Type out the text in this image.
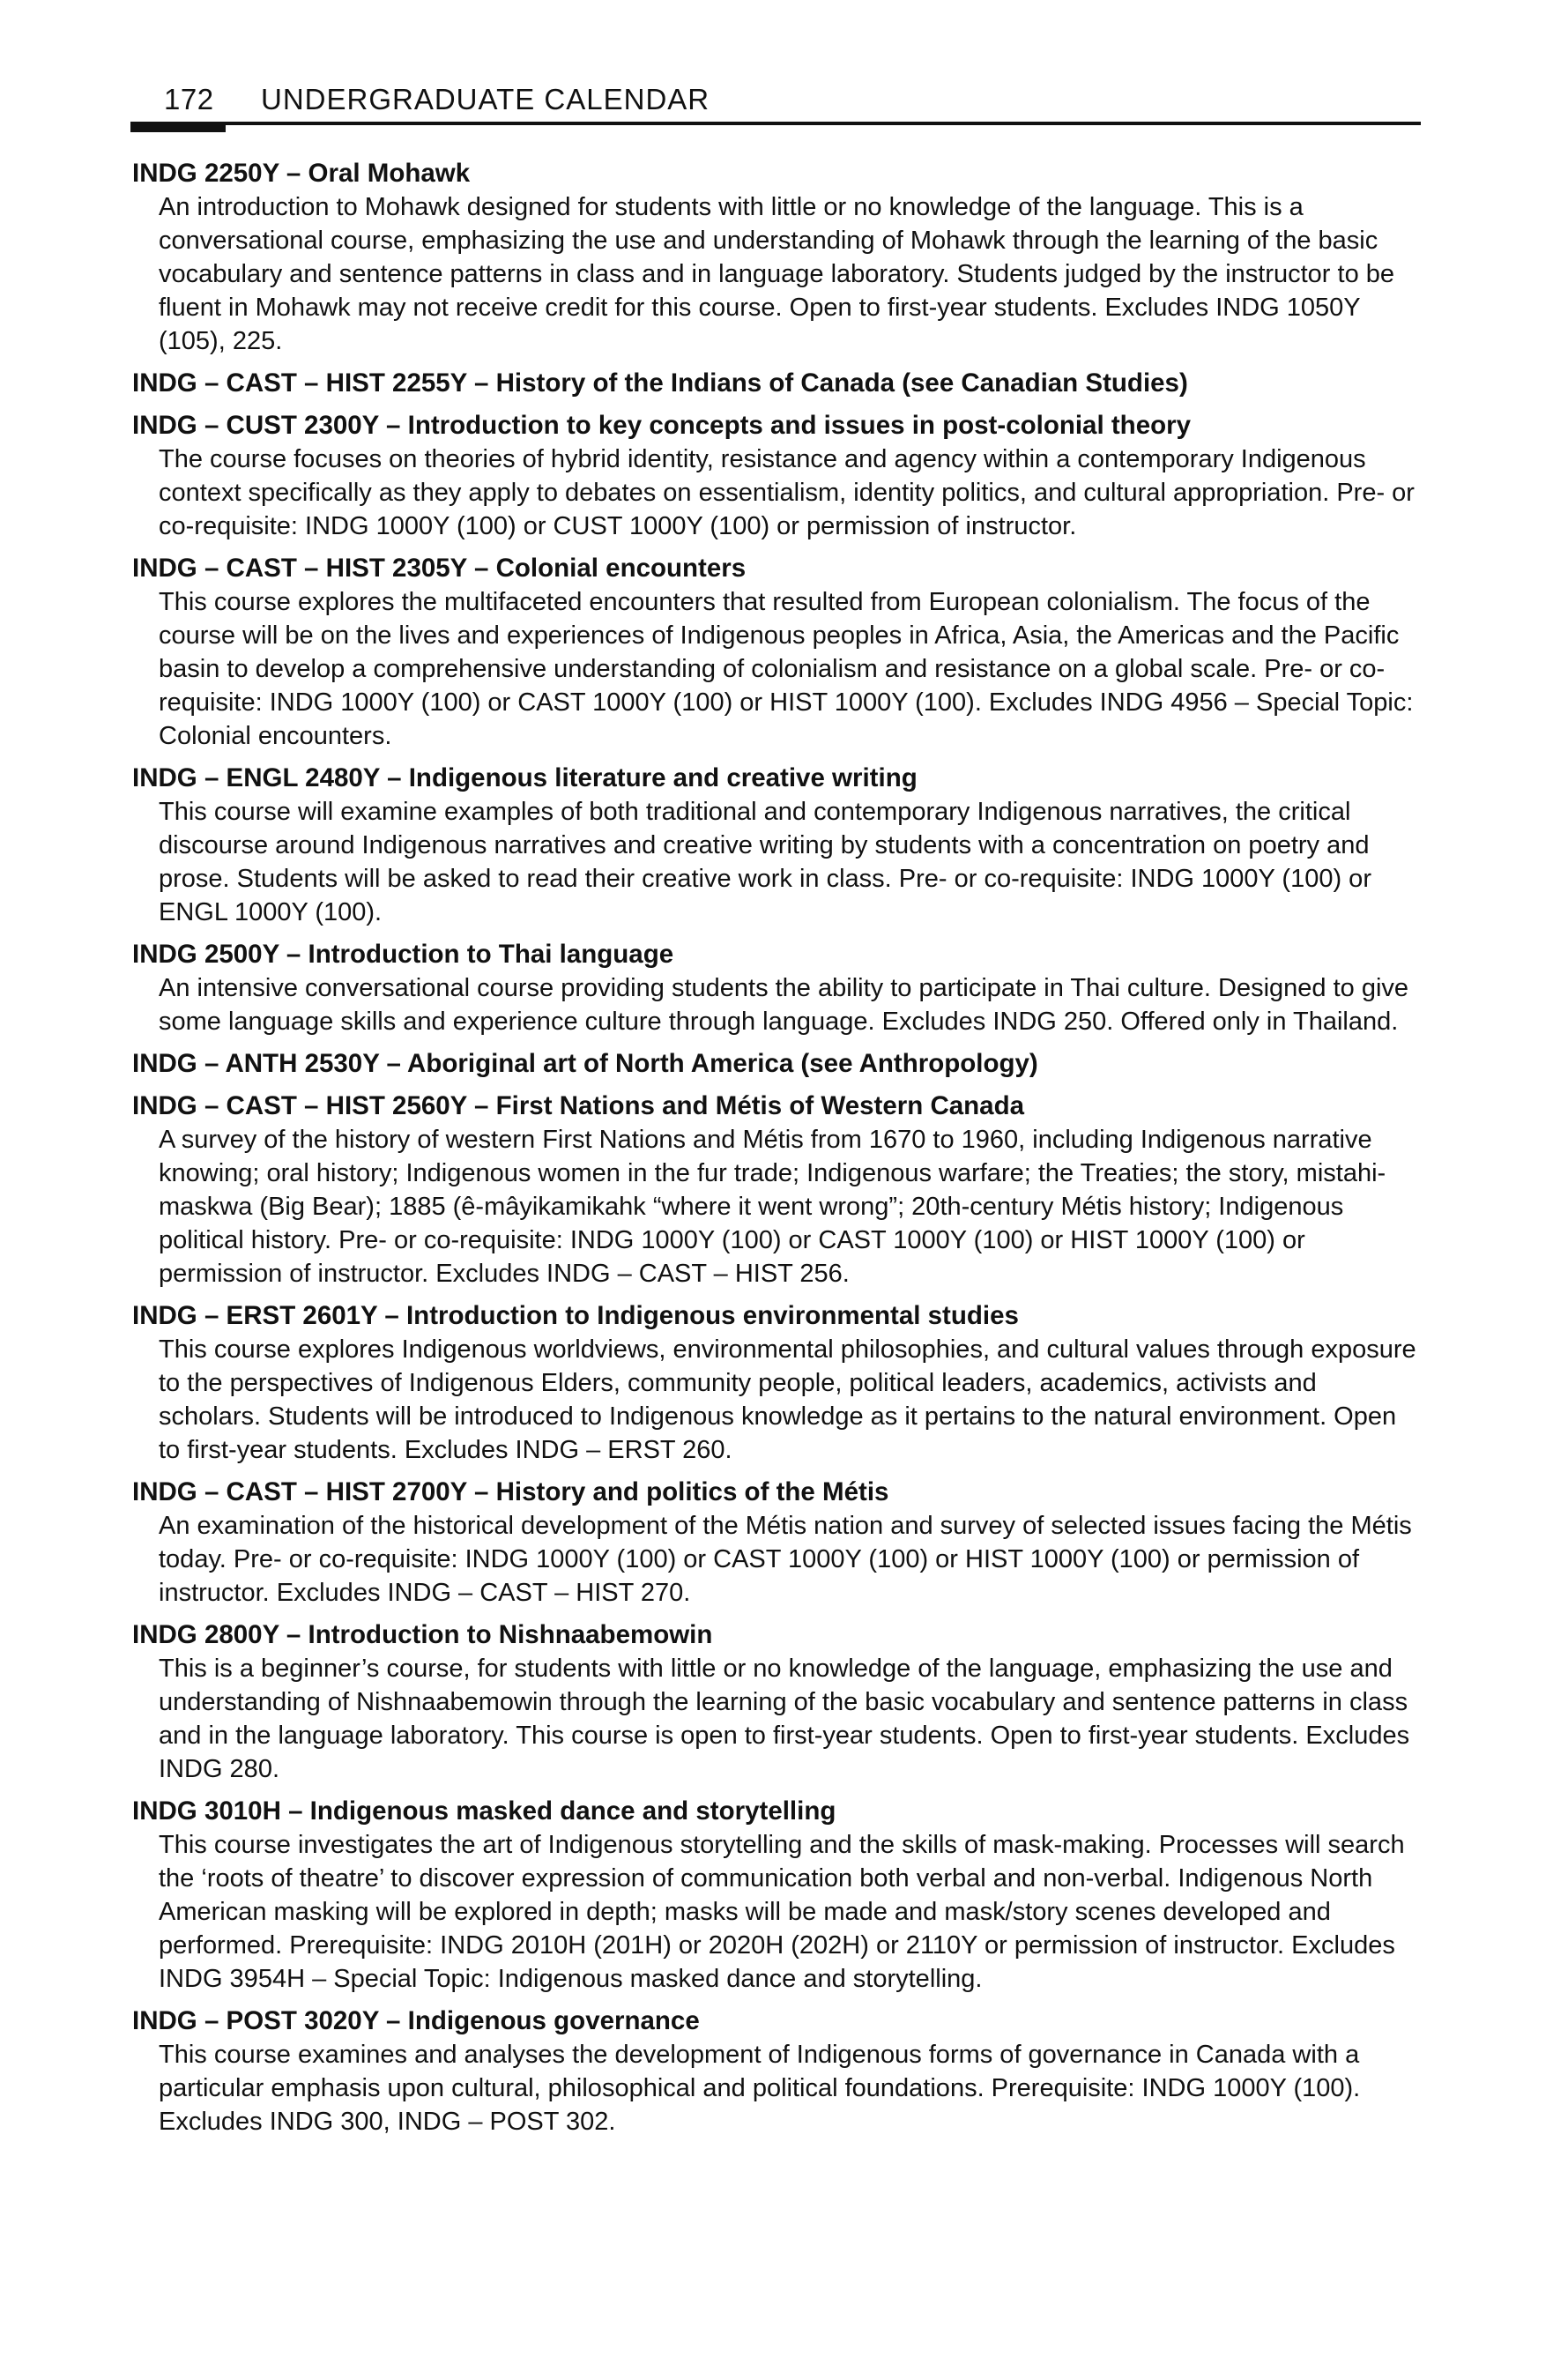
172 UNDERGRADUATE CALENDAR
INDG 2250Y – Oral Mohawk
An introduction to Mohawk designed for students with little or no knowledge of the language. This is a conversational course, emphasizing the use and understanding of Mohawk through the learning of the basic vocabulary and sentence patterns in class and in language laboratory. Students judged by the instructor to be fluent in Mohawk may not receive credit for this course. Open to first-year students. Excludes INDG 1050Y (105), 225.
INDG – CAST – HIST 2255Y – History of the Indians of Canada (see Canadian Studies)
INDG – CUST 2300Y – Introduction to key concepts and issues in post-colonial theory
The course focuses on theories of hybrid identity, resistance and agency within a contemporary Indigenous context specifically as they apply to debates on essentialism, identity politics, and cultural appropriation. Pre- or co-requisite: INDG 1000Y (100) or CUST 1000Y (100) or permission of instructor.
INDG – CAST – HIST 2305Y – Colonial encounters
This course explores the multifaceted encounters that resulted from European colonialism. The focus of the course will be on the lives and experiences of Indigenous peoples in Africa, Asia, the Americas and the Pacific basin to develop a comprehensive understanding of colonialism and resistance on a global scale. Pre- or co-requisite: INDG 1000Y (100) or CAST 1000Y (100) or HIST 1000Y (100). Excludes INDG 4956 – Special Topic: Colonial encounters.
INDG – ENGL 2480Y – Indigenous literature and creative writing
This course will examine examples of both traditional and contemporary Indigenous narratives, the critical discourse around Indigenous narratives and creative writing by students with a concentration on poetry and prose. Students will be asked to read their creative work in class. Pre- or co-requisite: INDG 1000Y (100) or ENGL 1000Y (100).
INDG 2500Y – Introduction to Thai language
An intensive conversational course providing students the ability to participate in Thai culture. Designed to give some language skills and experience culture through language. Excludes INDG 250. Offered only in Thailand.
INDG – ANTH 2530Y – Aboriginal art of North America (see Anthropology)
INDG – CAST – HIST 2560Y – First Nations and Métis of Western Canada
A survey of the history of western First Nations and Métis from 1670 to 1960, including Indigenous narrative knowing; oral history; Indigenous women in the fur trade; Indigenous warfare; the Treaties; the story, mistahi-maskwa (Big Bear); 1885 (ê-mâyikamikahk “where it went wrong”; 20th-century Métis history; Indigenous political history. Pre- or co-requisite: INDG 1000Y (100) or CAST 1000Y (100) or HIST 1000Y (100) or permission of instructor. Excludes INDG – CAST – HIST 256.
INDG – ERST 2601Y – Introduction to Indigenous environmental studies
This course explores Indigenous worldviews, environmental philosophies, and cultural values through exposure to the perspectives of Indigenous Elders, community people, political leaders, academics, activists and scholars. Students will be introduced to Indigenous knowledge as it pertains to the natural environment. Open to first-year students. Excludes INDG – ERST 260.
INDG – CAST – HIST 2700Y – History and politics of the Métis
An examination of the historical development of the Métis nation and survey of selected issues facing the Métis today. Pre- or co-requisite: INDG 1000Y (100) or CAST 1000Y (100) or HIST 1000Y (100) or permission of instructor. Excludes INDG – CAST – HIST 270.
INDG 2800Y – Introduction to Nishnaabemowin
This is a beginner’s course, for students with little or no knowledge of the language, emphasizing the use and understanding of Nishnaabemowin through the learning of the basic vocabulary and sentence patterns in class and in the language laboratory. This course is open to first-year students. Open to first-year students. Excludes INDG 280.
INDG 3010H – Indigenous masked dance and storytelling
This course investigates the art of Indigenous storytelling and the skills of mask-making. Processes will search the ‘roots of theatre’ to discover expression of communication both verbal and non-verbal. Indigenous North American masking will be explored in depth; masks will be made and mask/story scenes developed and performed. Prerequisite: INDG 2010H (201H) or 2020H (202H) or 2110Y or permission of instructor. Excludes INDG 3954H – Special Topic: Indigenous masked dance and storytelling.
INDG – POST 3020Y – Indigenous governance
This course examines and analyses the development of Indigenous forms of governance in Canada with a particular emphasis upon cultural, philosophical and political foundations. Prerequisite: INDG 1000Y (100). Excludes INDG 300, INDG – POST 302.
